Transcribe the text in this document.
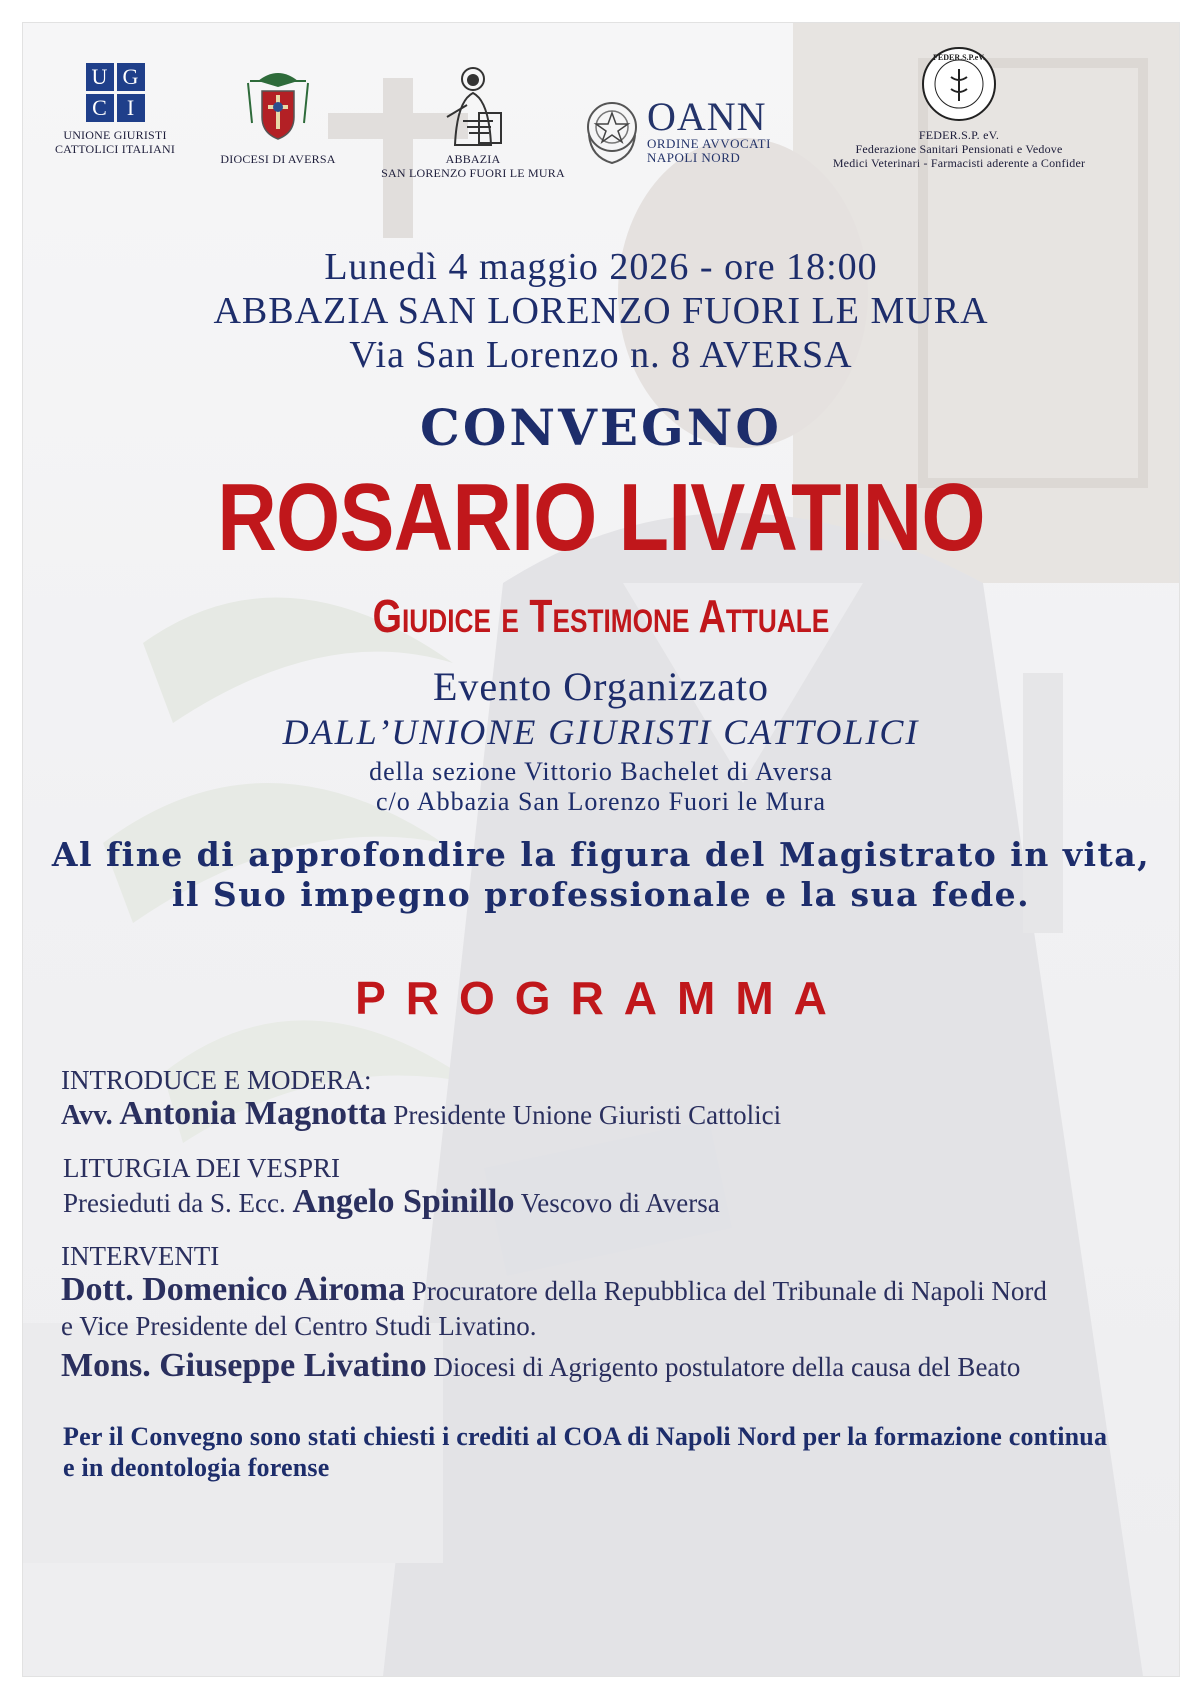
U G
C I
UNIONE GIURISTI
CATTOLICI ITALIANI
DIOCESI DI AVERSA	ABBAZIA
SAN LORENZO FUORI LE MURA
OANN
ORDINE AVVOCATI
NAPOLI NORD
FEDER.S.P.eV.
FEDER.S.P. eV.
Federazione Sanitari Pensionati e Vedove
Medici Veterinari - Farmacisti aderente a Confider
Lunedì 4 maggio 2026 - ore 18:00
ABBAZIA SAN LORENZO FUORI LE MURA
Via San Lorenzo n. 8 AVERSA
CONVEGNO
ROSARIO LIVATINO
Giudice e Testimone Attuale
Evento Organizzato
DALL’UNIONE GIURISTI CATTOLICI
della sezione Vittorio Bachelet di Aversa
c/o Abbazia San Lorenzo Fuori le Mura
Al fine di approfondire la figura del Magistrato in vita,
il Suo impegno professionale e la sua fede.
PROGRAMMA
INTRODUCE E MODERA:
Avv. Antonia Magnotta Presidente Unione Giuristi Cattolici
LITURGIA DEI VESPRI
Presieduti da S. Ecc. Angelo Spinillo Vescovo di Aversa
INTERVENTI
Dott. Domenico Airoma Procuratore della Repubblica del Tribunale di Napoli Nord
e Vice Presidente del Centro Studi Livatino.
Mons. Giuseppe Livatino Diocesi di Agrigento postulatore della causa del Beato
Per il Convegno sono stati chiesti i crediti al COA di Napoli Nord per la formazione continua
e in deontologia forense
